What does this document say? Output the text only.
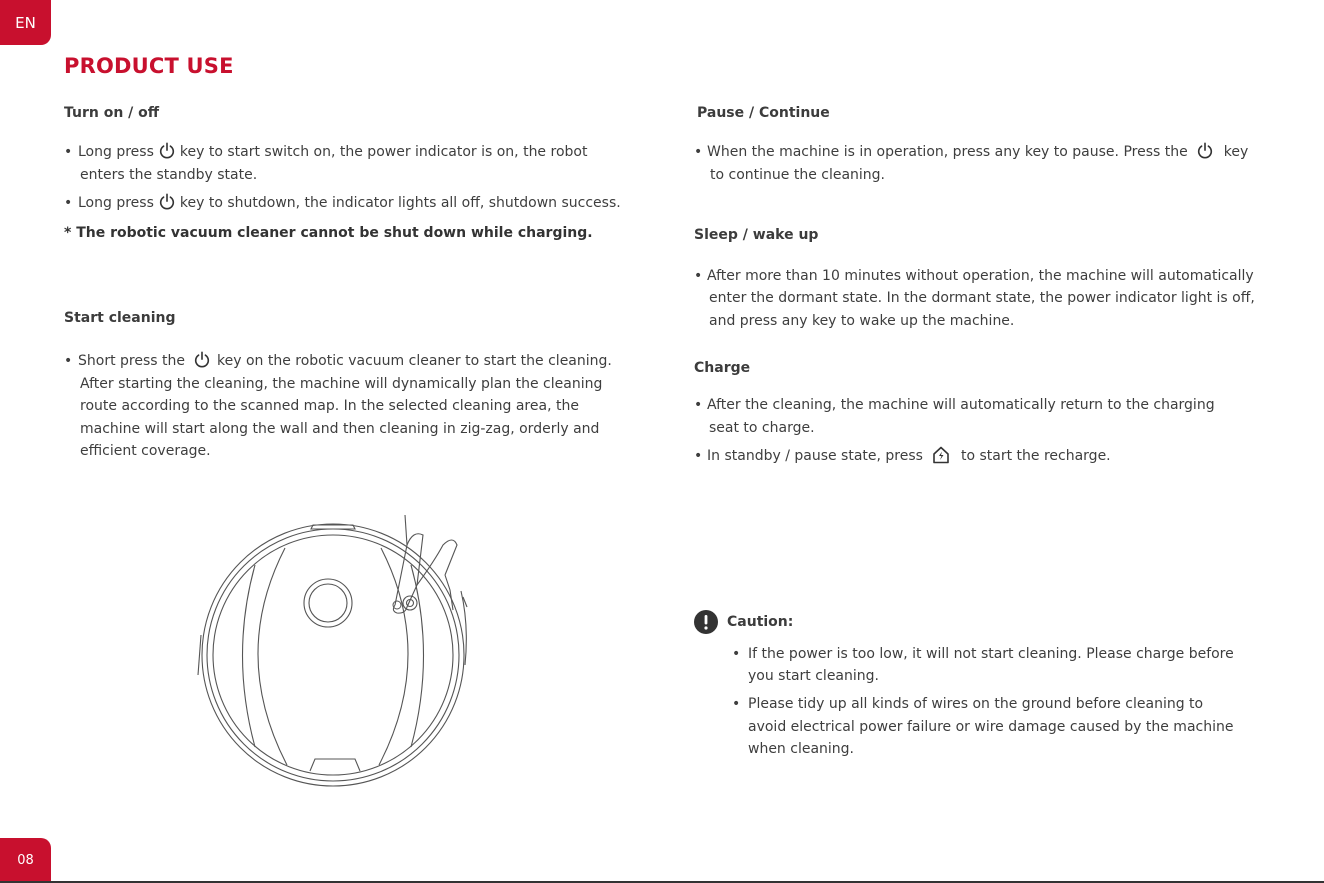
EN
08
PRODUCT USE
Turn on / off
• Long press key to start switch on, the power indicator is on, the robot
enters the standby state.
• Long press key to shutdown, the indicator lights all off, shutdown success.
* The robotic vacuum cleaner cannot be shut down while charging.
Start cleaning
• Short press the key on the robotic vacuum cleaner to start the cleaning.
After starting the cleaning, the machine will dynamically plan the cleaning
route according to the scanned map. In the selected cleaning area, the
machine will start along the wall and then cleaning in zig-zag, orderly and
efficient coverage.
Pause / Continue
• When the machine is in operation, press any key to pause. Press the	key
to continue the cleaning.
Sleep / wake up
• After more than 10 minutes without operation, the machine will automatically
enter the dormant state. In the dormant state, the power indicator light is off,
and press any key to wake up the machine.
Charge
• After the cleaning, the machine will automatically return to the charging
seat to charge.
• In standby / pause state, press	to start the recharge.
Caution:
• If the power is too low, it will not start cleaning. Please charge before
you start cleaning.
• Please tidy up all kinds of wires on the ground before cleaning to
avoid electrical power failure or wire damage caused by the machine
when cleaning.
